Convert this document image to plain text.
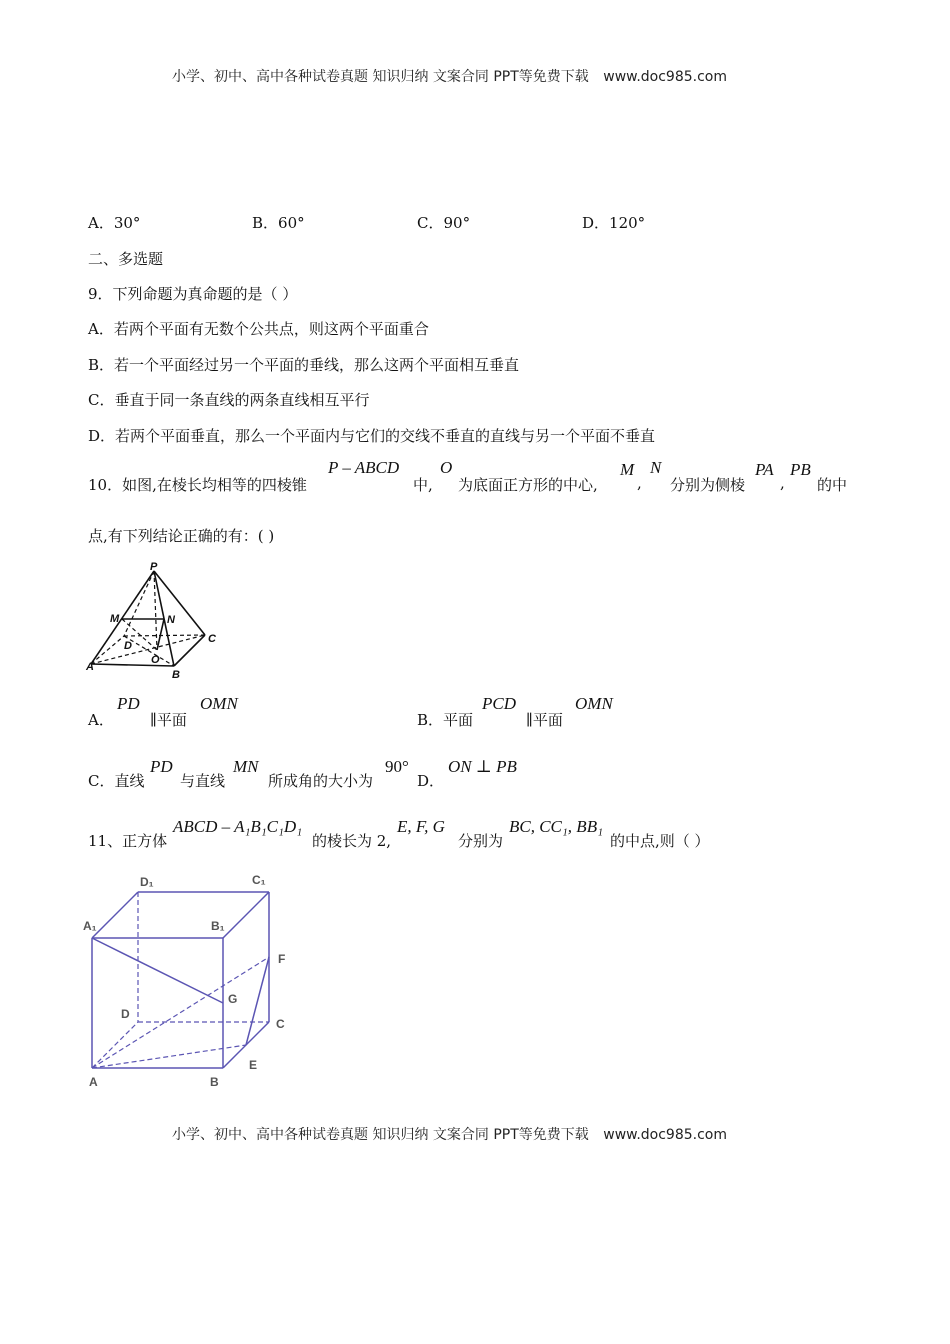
小学、初中、高中各种试卷真题 知识归纳 文案合同 PPT等免费下载 www.doc985.com
A．30°	B．60°	C．90°	D．120°
二、多选题
9．下列命题为真命题的是（ ）
A．若两个平面有无数个公共点，则这两个平面重合
B．若一个平面经过另一个平面的垂线，那么这两个平面相互垂直
C．垂直于同一条直线的两条直线相互平行
D．若两个平面垂直，那么一个平面内与它们的交线不垂直的直线与另一个平面不垂直
10．如图,在棱长均相等的四棱锥
P – ABCD
中,
O
为底面正方形的中心,
M
,
N
分别为侧棱
PA
,
PB
的中
点,有下列结论正确的有：( )
P
M	N
C
D
O
A
B
A．
PD
∥平面
OMN
B．平面
PCD
∥平面
OMN
C．直线
PD
与直线
MN
所成角的大小为
90°
D．
ON ⊥ PB
11、正方体
ABCD – A₁B₁C₁D₁
的棱长为 2,
E, F, G
分别为
BC, CC₁, BB₁
的中点,则（ ）
D₁	C₁
A₁	B₁
F
G
D
C
E
A	B
小学、初中、高中各种试卷真题 知识归纳 文案合同 PPT等免费下载 www.doc985.com
